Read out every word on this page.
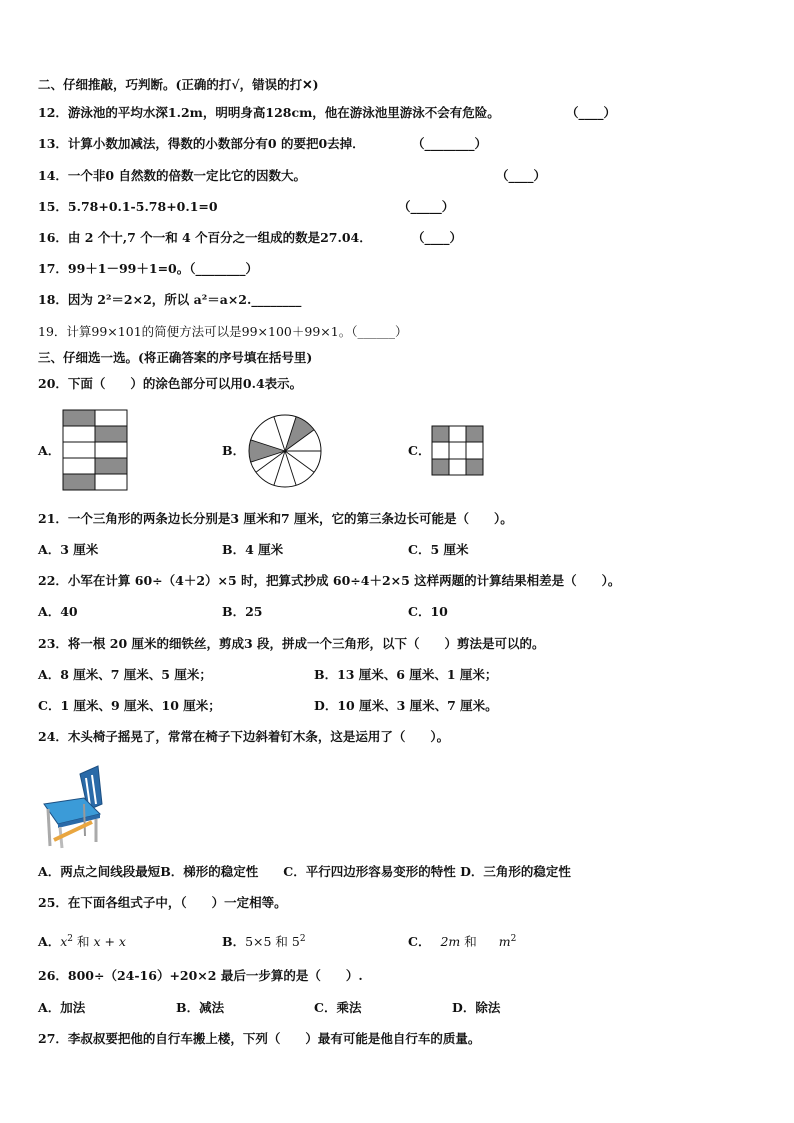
二、仔细推敲，巧判断。(正确的打√，错误的打✕)
12．游泳池的平均水深1.2m，明明身高128cm，他在游泳池里游泳不会有危险。	（____）
13．计算小数加减法，得数的小数部分有0 的要把0去掉．	（________）
14．一个非0 自然数的倍数一定比它的因数大。	（____）
15．5.78+0.1-5.78+0.1=0	（_____）
16．由 2 个十,7 个一和 4 个百分之一组成的数是27.04．	（____）
17．99＋1－99＋1=0。（________）
18．因为 2²＝2×2，所以 a²＝a×2.________
19．计算99×101的简便方法可以是99×100＋99×1。（______）
三、仔细选一选。(将正确答案的序号填在括号里)
20．下面（　　）的涂色部分可以用0.4表示。
A．	B．	C．
21．一个三角形的两条边长分别是3 厘米和7 厘米，它的第三条边长可能是（　　）。
A．3 厘米	B．4 厘米	C．5 厘米
22．小军在计算 60÷（4＋2）×5 时，把算式抄成 60÷4＋2×5 这样两题的计算结果相差是（　　）。
A．40	B．25	C．10
23．将一根 20 厘米的细铁丝，剪成3 段，拼成一个三角形，以下（　　）剪法是可以的。
A．8 厘米、7 厘米、5 厘米；	B．13 厘米、6 厘米、1 厘米；
C．1 厘米、9 厘米、10 厘米；	D．10 厘米、3 厘米、7 厘米。
24．木头椅子摇晃了，常常在椅子下边斜着钉木条，这是运用了（　　）。
A．两点之间线段最短B．梯形的稳定性　　C．平行四边形容易变形的特性 D．三角形的稳定性
25．在下面各组式子中，（　　）一定相等。
A．$x^2$ 和 x + x	B．5×5 和 $5^2$	C． 2m 和 $m^2$
26．800÷（24-16）+20×2 最后一步算的是（　　）.
A．加法	B．减法	C．乘法	D．除法
27．李叔叔要把他的自行车搬上楼，下列（　　）最有可能是他自行车的质量。
